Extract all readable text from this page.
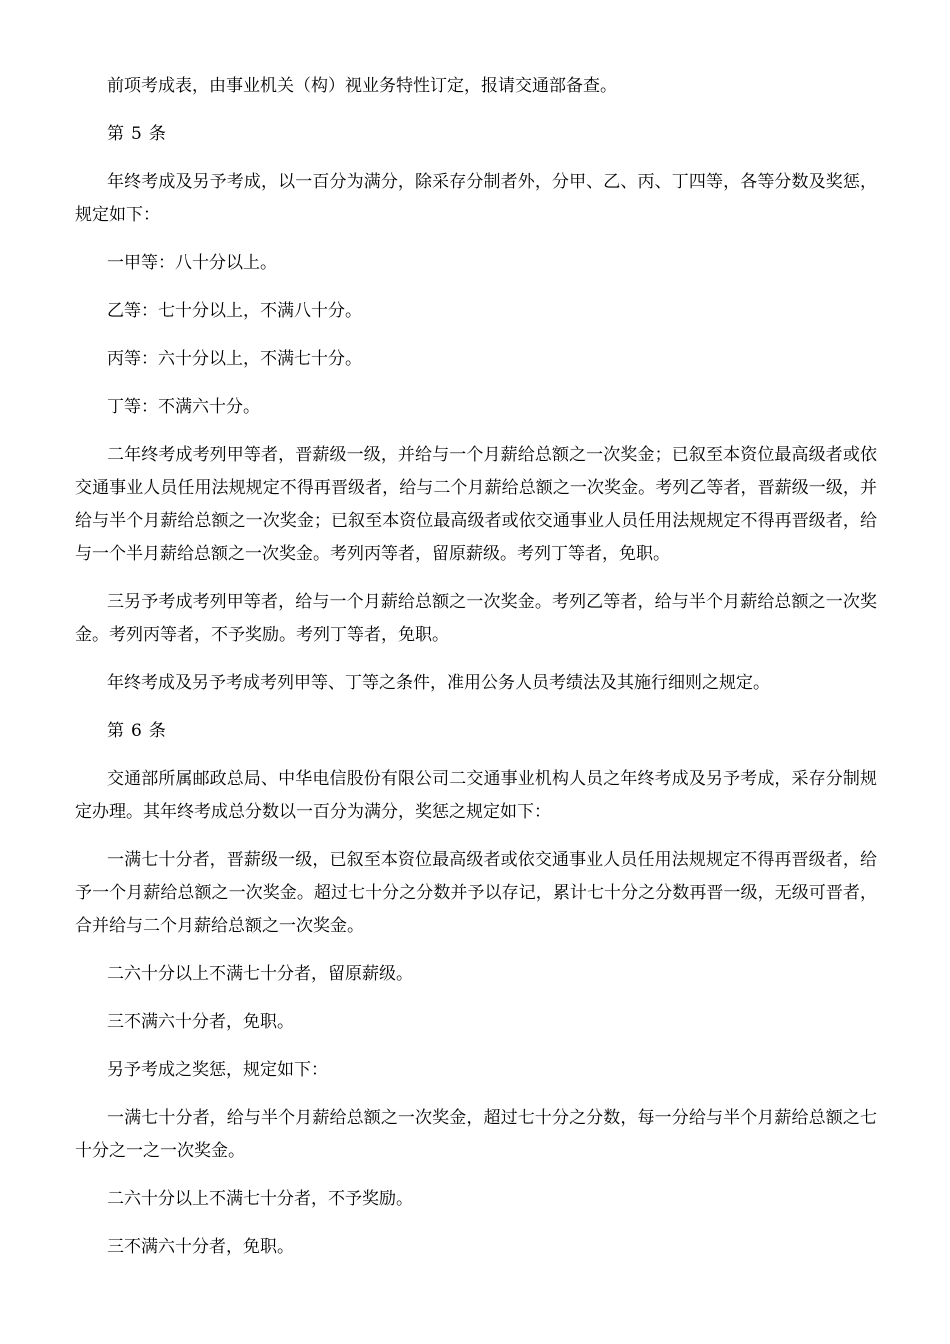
前项考成表，由事业机关（构）视业务特性订定，报请交通部备查。

第 5 条

年终考成及另予考成，以一百分为满分，除采存分制者外，分甲、乙、丙、丁四等，各等分数及奖惩，规定如下：

一甲等：八十分以上。

乙等：七十分以上，不满八十分。

丙等：六十分以上，不满七十分。

丁等：不满六十分。

二年终考成考列甲等者，晋薪级一级，并给与一个月薪给总额之一次奖金；已叙至本资位最高级者或依交通事业人员任用法规规定不得再晋级者，给与二个月薪给总额之一次奖金。考列乙等者，晋薪级一级，并给与半个月薪给总额之一次奖金；已叙至本资位最高级者或依交通事业人员任用法规规定不得再晋级者，给与一个半月薪给总额之一次奖金。考列丙等者，留原薪级。考列丁等者，免职。

三另予考成考列甲等者，给与一个月薪给总额之一次奖金。考列乙等者，给与半个月薪给总额之一次奖金。考列丙等者，不予奖励。考列丁等者，免职。

年终考成及另予考成考列甲等、丁等之条件，准用公务人员考绩法及其施行细则之规定。

第 6 条

交通部所属邮政总局、中华电信股份有限公司二交通事业机构人员之年终考成及另予考成，采存分制规定办理。其年终考成总分数以一百分为满分，奖惩之规定如下：

一满七十分者，晋薪级一级，已叙至本资位最高级者或依交通事业人员任用法规规定不得再晋级者，给予一个月薪给总额之一次奖金。超过七十分之分数并予以存记，累计七十分之分数再晋一级，无级可晋者，合并给与二个月薪给总额之一次奖金。

二六十分以上不满七十分者，留原薪级。

三不满六十分者，免职。

另予考成之奖惩，规定如下：

一满七十分者，给与半个月薪给总额之一次奖金，超过七十分之分数，每一分给与半个月薪给总额之七十分之一之一次奖金。

二六十分以上不满七十分者，不予奖励。

三不满六十分者，免职。
